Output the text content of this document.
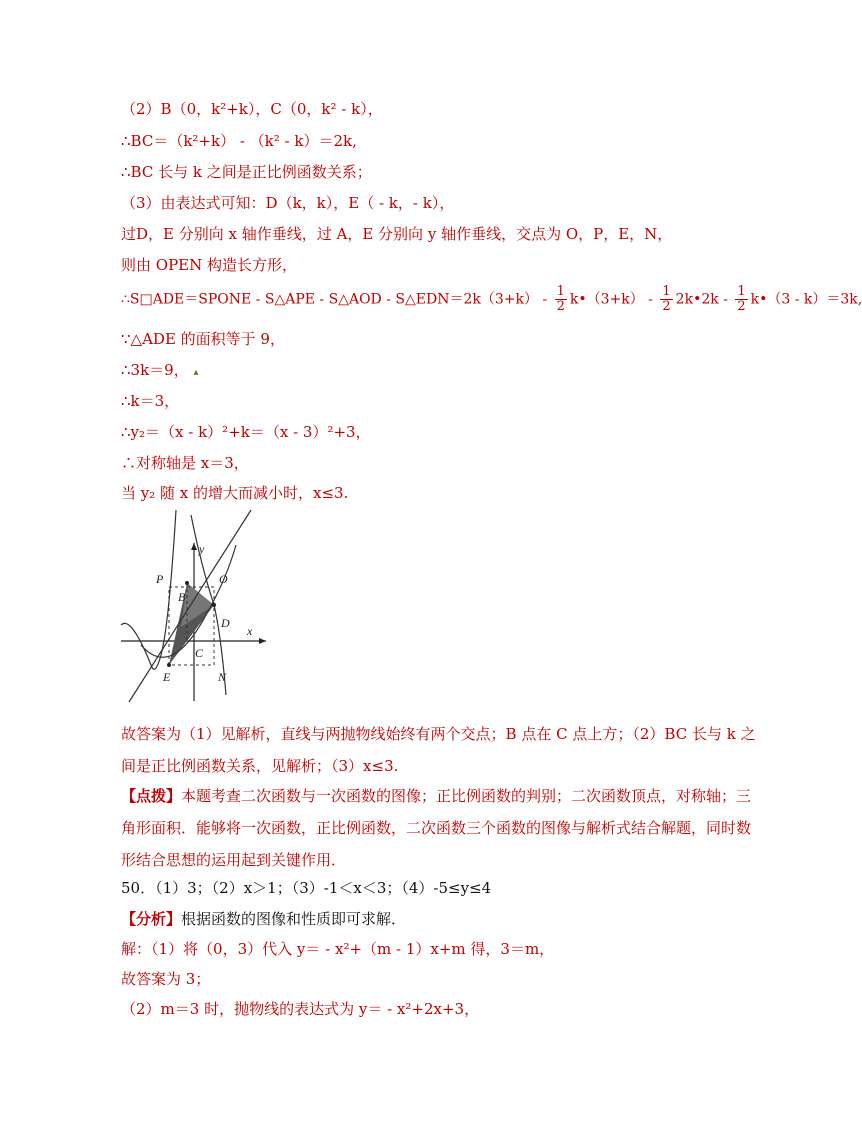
（2）B（0，k²+k），C（0，k² - k），
∴BC＝（k²+k） - （k² - k）＝2k,
∴BC 长与 k 之间是正比例函数关系；
（3）由表达式可知：D（k，k），E（ - k，- k），
过D，E 分别向 x 轴作垂线，过 A，E 分别向 y 轴作垂线，交点为 O，P，E，N，
则由 OPEN 构造长方形，
∴S□ADE＝SPONE - S△APE - S△AOD - S△EDN＝2k（3+k） - $\frac{1}{2}$ k•（3+k） - $\frac{1}{2}$ 2k•2k - $\frac{1}{2}$ k•（3 - k）＝3k,
∵△ADE 的面积等于 9，
∴3k＝9， ▴
∴k＝3，
∴y₂＝（x - k）²+k＝（x - 3）²+3，
∴对称轴是 x＝3，
当 y₂ 随 x 的增大而减小时，x≤3.
P	O
B
y
D
x
C
E	N
故答案为（1）见解析，直线与两抛物线始终有两个交点；B 点在 C 点上方；（2）BC 长与 k 之间是正比例函数关系，见解析；（3）x≤3.
【点拨】本题考查二次函数与一次函数的图像；正比例函数的判别；二次函数顶点，对称轴；三角形面积．能够将一次函数，正比例函数，二次函数三个函数的图像与解析式结合解题，同时数形结合思想的运用起到关键作用．
50．（1）3；（2）x＞1；（3）-1＜x＜3；（4）-5≤y≤4
【分析】根据函数的图像和性质即可求解．
解：（1）将（0，3）代入 y＝ - x²+（m - 1）x+m 得，3＝m，
故答案为 3；
（2）m＝3 时，抛物线的表达式为 y＝ - x²+2x+3，
